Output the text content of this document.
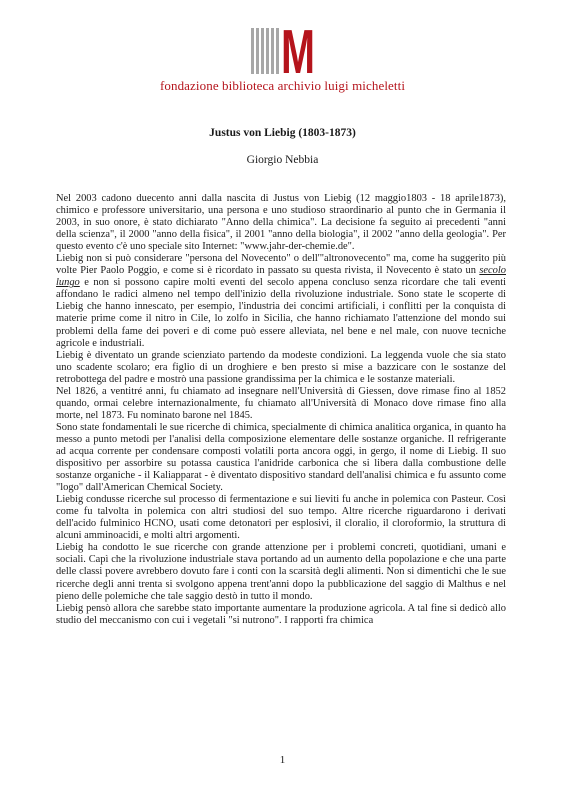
M
fondazione biblioteca archivio luigi micheletti
Justus von Liebig (1803-1873)
Giorgio Nebbia

Nel 2003 cadono duecento anni dalla nascita di Justus von Liebig (12 maggio1803 - 18 aprile1873), chimico e professore universitario, una persona e uno studioso straordinario al punto che in Germania il 2003, in suo onore, è stato dichiarato "Anno della chimica". La decisione fa seguito ai precedenti "anni della scienza", il 2000 "anno della fisica", il 2001 "anno della biologia", il 2002 "anno della geologia". Per questo evento c'è uno speciale sito Internet: "www.jahr-der-chemie.de".

Liebig non si può considerare "persona del Novecento" o dell'"altronovecento" ma, come ha suggerito più volte Pier Paolo Poggio, e come si è ricordato in passato su questa rivista, il Novecento è stato un secolo lungo e non si possono capire molti eventi del secolo appena concluso senza ricordare che tali eventi affondano le radici almeno nel tempo dell'inizio della rivoluzione industriale. Sono state le scoperte di Liebig che hanno innescato, per esempio, l'industria dei concimi artificiali, i conflitti per la conquista di materie prime come il nitro in Cile, lo zolfo in Sicilia, che hanno richiamato l'attenzione del mondo sui problemi della fame dei poveri e di come può essere alleviata, nel bene e nel male, con nuove tecniche agricole e industriali.

Liebig è diventato un grande scienziato partendo da modeste condizioni. La leggenda vuole che sia stato uno scadente scolaro; era figlio di un droghiere e ben presto si mise a bazzicare con le sostanze del retrobottega del padre e mostrò una passione grandissima per la chimica e le sostanze materiali.

Nel 1826, a ventitré anni, fu chiamato ad insegnare nell'Università di Giessen, dove rimase fino al 1852 quando, ormai celebre internazionalmente, fu chiamato all'Università di Monaco dove rimase fino alla morte, nel 1873. Fu nominato barone nel 1845.

Sono state fondamentali le sue ricerche di chimica, specialmente di chimica analitica organica, in quanto ha messo a punto metodi per l'analisi della composizione elementare delle sostanze organiche. Il refrigerante ad acqua corrente per condensare composti volatili porta ancora oggi, in gergo, il nome di Liebig. Il suo dispositivo per assorbire su potassa caustica l'anidride carbonica che si libera dalla combustione delle sostanze organiche - il Kaliapparat - è diventato dispositivo standard dell'analisi chimica e fu assunto come "logo" dall'American Chemical Society.

Liebig condusse ricerche sul processo di fermentazione e sui lieviti fu anche in polemica con Pasteur. Così come fu talvolta in polemica con altri studiosi del suo tempo. Altre ricerche riguardarono i derivati dell'acido fulminico HCNO, usati come detonatori per esplosivi, il cloralio, il cloroformio, la struttura di alcuni amminoacidi, e molti altri argomenti.

Liebig ha condotto le sue ricerche con grande attenzione per i problemi concreti, quotidiani, umani e sociali. Capì che la rivoluzione industriale stava portando ad un aumento della popolazione e che una parte delle classi povere avrebbero dovuto fare i conti con la scarsità degli alimenti. Non si dimentichi che le sue ricerche degli anni trenta si svolgono appena trent'anni dopo la pubblicazione del saggio di Malthus e nel pieno delle polemiche che tale saggio destò in tutto il mondo.

Liebig pensò allora che sarebbe stato importante aumentare la produzione agricola. A tal fine si dedicò allo studio del meccanismo con cui i vegetali "si nutrono". I rapporti fra chimica

1
